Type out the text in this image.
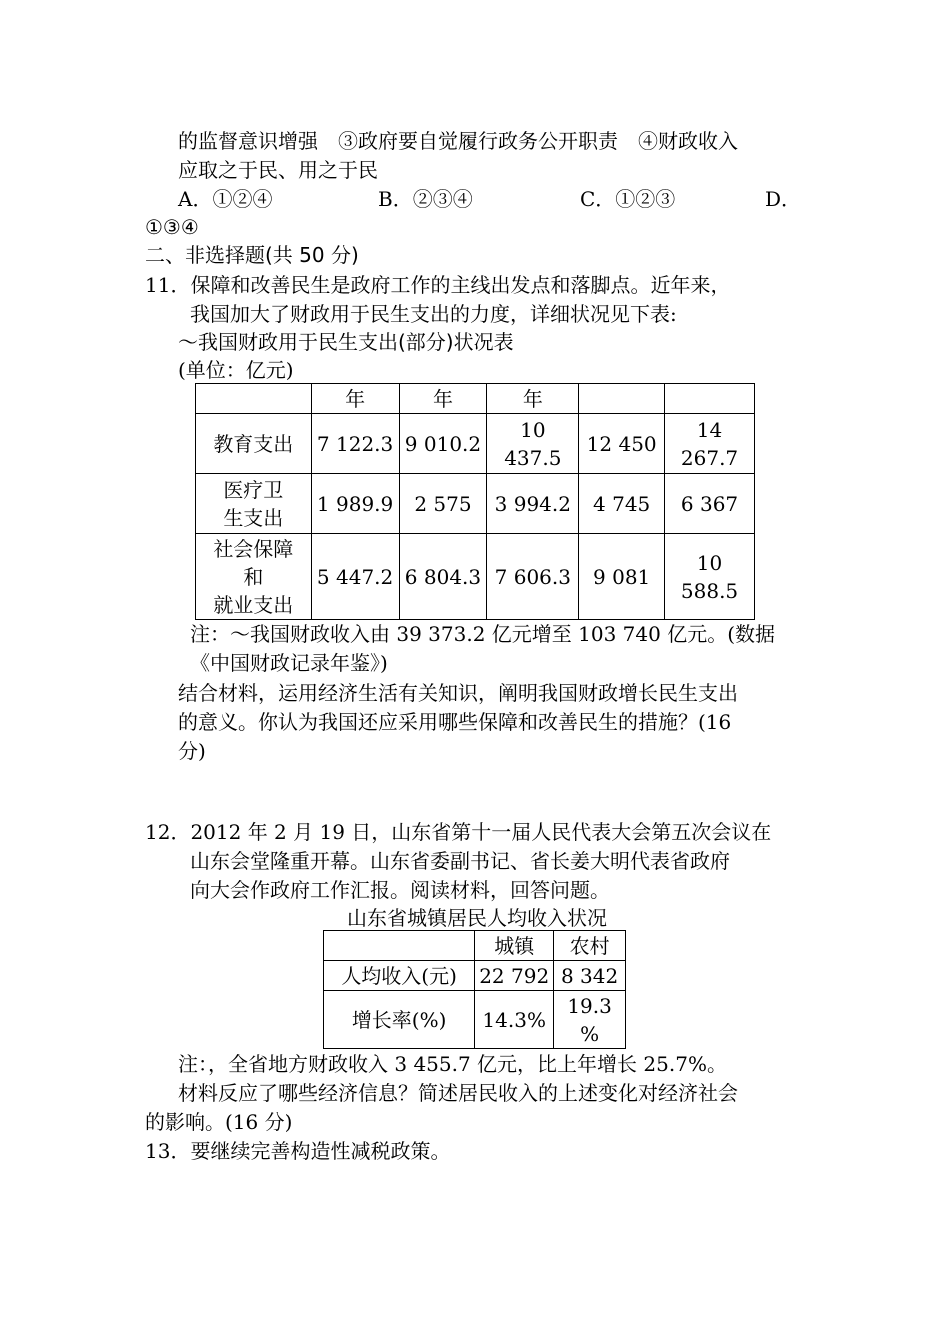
的监督意识增强　③政府要自觉履行政务公开职责　④财政收入
应取之于民、用之于民
A．①②④	B．②③④	C．①②③	D．
①③④
二、非选择题(共 50 分)
11．保障和改善民生是政府工作的主线出发点和落脚点。近年来，
我国加大了财政用于民生支出的力度，详细状况见下表:
～我国财政用于民生支出(部分)状况表
(单位：亿元)
	年	年	年		
教育支出	7 122.3	9 010.2	10
437.5	12 450	14
267.7
医疗卫
生支出	1 989.9	2 575	3 994.2	4 745	6 367
社会保障
和
就业支出	5 447.2	6 804.3	7 606.3	9 081	10
588.5
注：～我国财政收入由 39 373.2 亿元增至 103 740 亿元。(数据
《中国财政记录年鉴》)
结合材料，运用经济生活有关知识，阐明我国财政增长民生支出
的意义。你认为我国还应采用哪些保障和改善民生的措施？(16
分)
12．2012 年 2 月 19 日，山东省第十一届人民代表大会第五次会议在
山东会堂隆重开幕。山东省委副书记、省长姜大明代表省政府
向大会作政府工作汇报。阅读材料，回答问题。
山东省城镇居民人均收入状况
	城镇	农村
人均收入(元)	22 792	8 342
增长率(%)	14.3%	19.3
%
注：，全省地方财政收入 3 455.7 亿元，比上年增长 25.7%。
材料反应了哪些经济信息？简述居民收入的上述变化对经济社会
的影响。(16 分)
13．要继续完善构造性减税政策。
